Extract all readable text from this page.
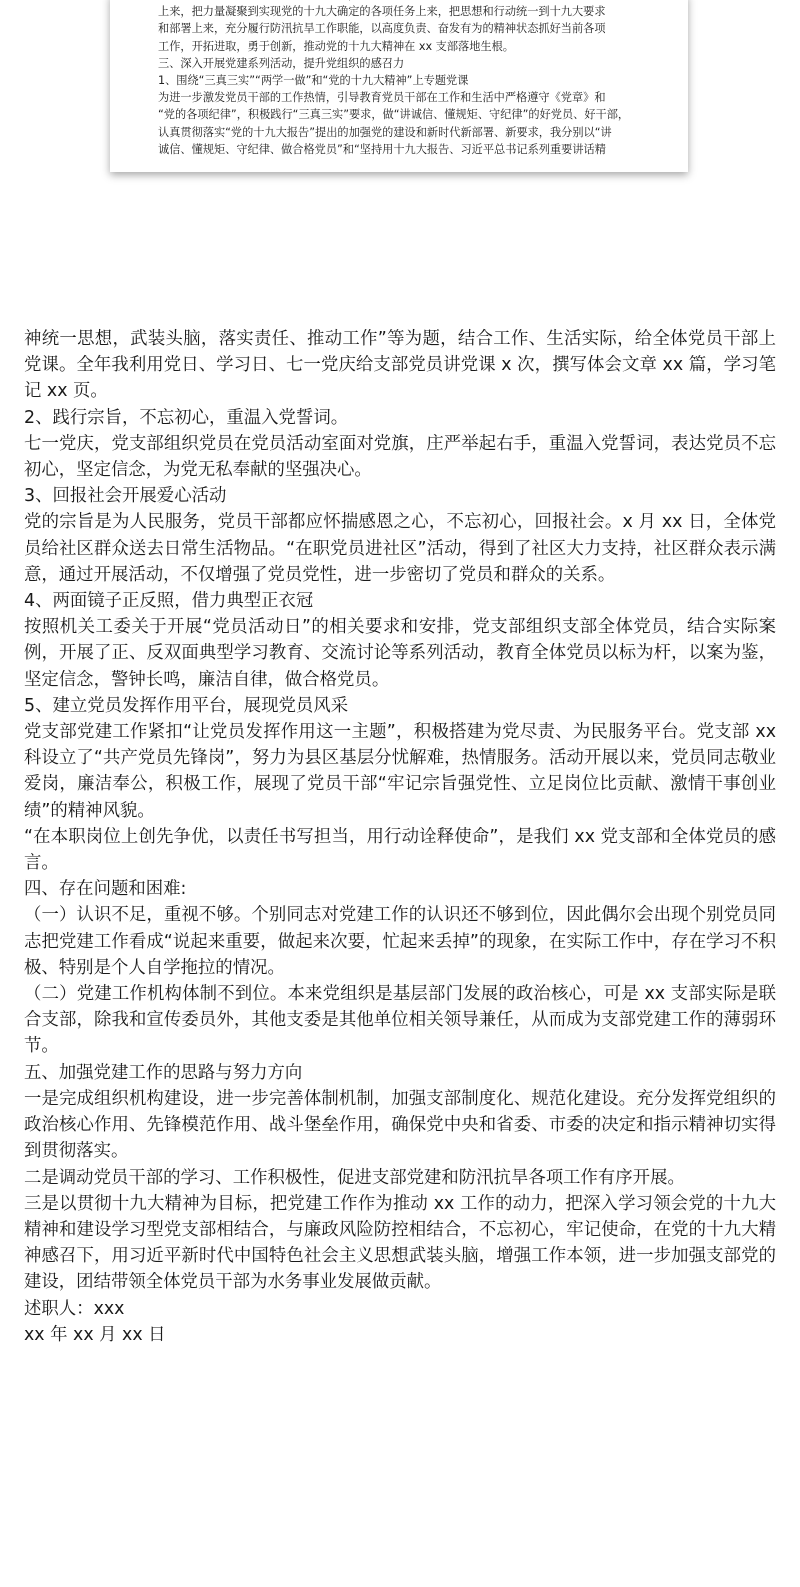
上来，把力量凝聚到实现党的十九大确定的各项任务上来，把思想和行动统一到十九大要求

和部署上来，充分履行防汛抗旱工作职能，以高度负责、奋发有为的精神状态抓好当前各项

工作，开拓进取，勇于创新，推动党的十九大精神在 xx 支部落地生根。

三、深入开展党建系列活动，提升党组织的感召力

1、围绕“三真三实”“两学一做”和“党的十九大精神”上专题党课

为进一步激发党员干部的工作热情，引导教育党员干部在工作和生活中严格遵守《党章》和

“党的各项纪律”，积极践行“三真三实”要求，做“讲诚信、懂规矩、守纪律”的好党员、好干部，

认真贯彻落实“党的十九大报告”提出的加强党的建设和新时代新部署、新要求，我分别以“讲

诚信、懂规矩、守纪律、做合格党员”和“坚持用十九大报告、习近平总书记系列重要讲话精

神统一思想，武装头脑，落实责任、推动工作”等为题，结合工作、生活实际，给全体党员干部上党课。全年我利用党日、学习日、七一党庆给支部党员讲党课 x 次，撰写体会文章 xx 篇，学习笔记 xx 页。

2、践行宗旨，不忘初心，重温入党誓词。

七一党庆，党支部组织党员在党员活动室面对党旗，庄严举起右手，重温入党誓词，表达党员不忘初心，坚定信念，为党无私奉献的坚强决心。

3、回报社会开展爱心活动

党的宗旨是为人民服务，党员干部都应怀揣感恩之心，不忘初心，回报社会。x 月 xx 日，全体党员给社区群众送去日常生活物品。“在职党员进社区”活动，得到了社区大力支持，社区群众表示满意，通过开展活动，不仅增强了党员党性，进一步密切了党员和群众的关系。

4、两面镜子正反照，借力典型正衣冠

按照机关工委关于开展“党员活动日”的相关要求和安排，党支部组织支部全体党员，结合实际案例，开展了正、反双面典型学习教育、交流讨论等系列活动，教育全体党员以标为杆，以案为鉴，坚定信念，警钟长鸣，廉洁自律，做合格党员。

5、建立党员发挥作用平台，展现党员风采

党支部党建工作紧扣“让党员发挥作用这一主题”，积极搭建为党尽责、为民服务平台。党支部 xx 科设立了“共产党员先锋岗”，努力为县区基层分忧解难，热情服务。活动开展以来，党员同志敬业爱岗，廉洁奉公，积极工作，展现了党员干部“牢记宗旨强党性、立足岗位比贡献、激情干事创业绩”的精神风貌。

“在本职岗位上创先争优，以责任书写担当，用行动诠释使命”，是我们 xx 党支部和全体党员的感言。

四、存在问题和困难:

（一）认识不足，重视不够。个别同志对党建工作的认识还不够到位，因此偶尔会出现个别党员同志把党建工作看成“说起来重要，做起来次要，忙起来丢掉”的现象，在实际工作中，存在学习不积极、特别是个人自学拖拉的情况。

（二）党建工作机构体制不到位。本来党组织是基层部门发展的政治核心，可是 xx 支部实际是联合支部，除我和宣传委员外，其他支委是其他单位相关领导兼任，从而成为支部党建工作的薄弱环节。

五、加强党建工作的思路与努力方向

一是完成组织机构建设，进一步完善体制机制，加强支部制度化、规范化建设。充分发挥党组织的政治核心作用、先锋模范作用、战斗堡垒作用，确保党中央和省委、市委的决定和指示精神切实得到贯彻落实。

二是调动党员干部的学习、工作积极性，促进支部党建和防汛抗旱各项工作有序开展。

三是以贯彻十九大精神为目标，把党建工作作为推动 xx 工作的动力，把深入学习领会党的十九大精神和建设学习型党支部相结合，与廉政风险防控相结合，不忘初心，牢记使命，在党的十九大精神感召下，用习近平新时代中国特色社会主义思想武装头脑，增强工作本领，进一步加强支部党的建设，团结带领全体党员干部为水务事业发展做贡献。

述职人：xxx

xx 年 xx 月 xx 日
